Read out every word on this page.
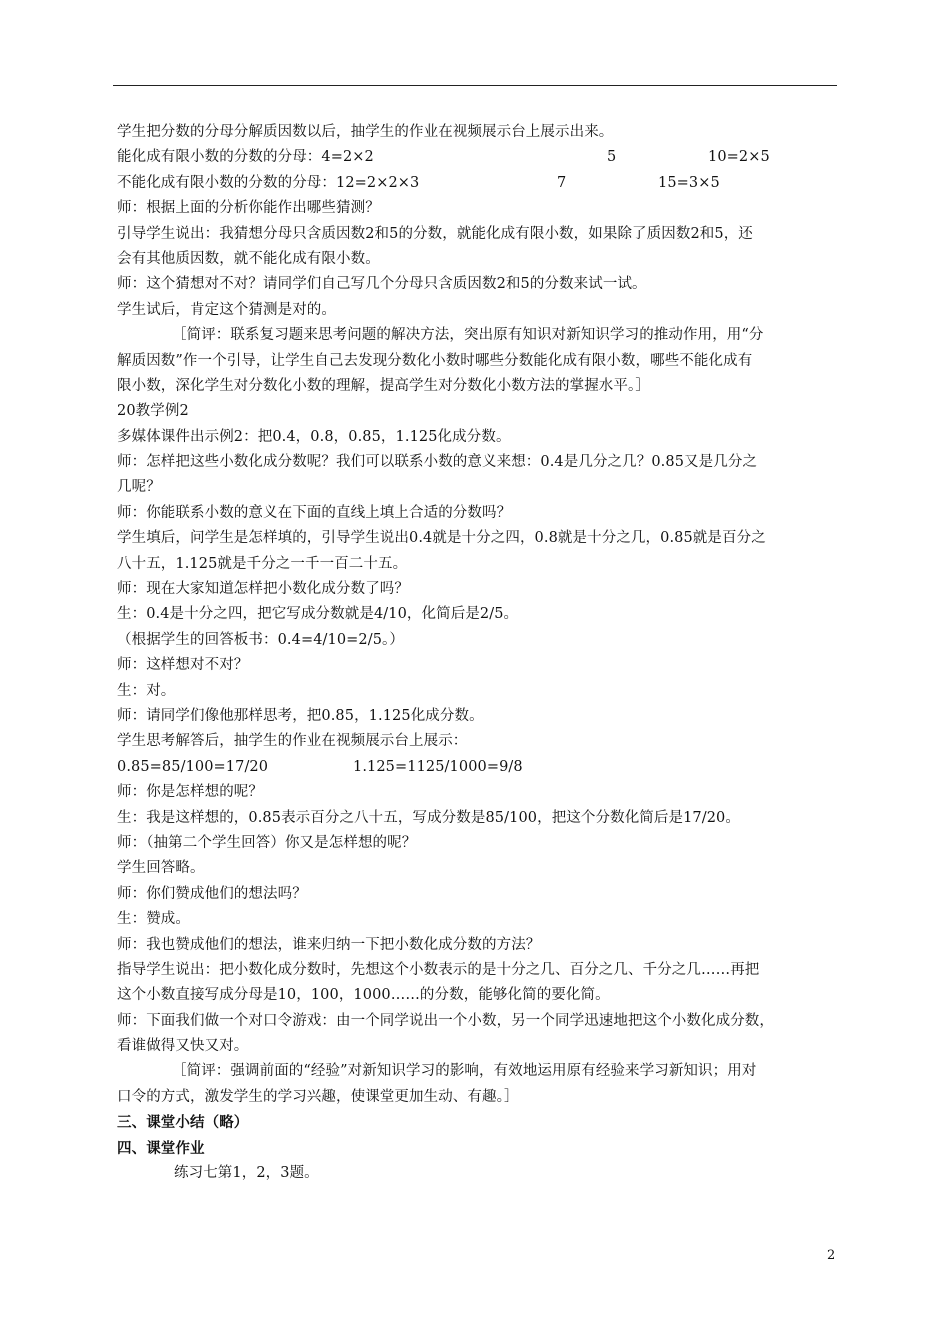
学生把分数的分母分解质因数以后，抽学生的作业在视频展示台上展示出来。
能化成有限小数的分数的分母：4=2×2	5	10=2×5
不能化成有限小数的分数的分母：12=2×2×3	7	15=3×5
师：根据上面的分析你能作出哪些猜测？
引导学生说出：我猜想分母只含质因数2和5的分数，就能化成有限小数，如果除了质因数2和5，还
会有其他质因数，就不能化成有限小数。
师：这个猜想对不对？请同学们自己写几个分母只含质因数2和5的分数来试一试。
学生试后，肯定这个猜测是对的。
［简评：联系复习题来思考问题的解决方法，突出原有知识对新知识学习的推动作用，用“分
解质因数”作一个引导，让学生自己去发现分数化小数时哪些分数能化成有限小数，哪些不能化成有
限小数，深化学生对分数化小数的理解，提高学生对分数化小数方法的掌握水平。］
20教学例2
多媒体课件出示例2：把0.4，0.8，0.85，1.125化成分数。
师：怎样把这些小数化成分数呢？我们可以联系小数的意义来想：0.4是几分之几？0.85又是几分之
几呢？
师：你能联系小数的意义在下面的直线上填上合适的分数吗？
学生填后，问学生是怎样填的，引导学生说出0.4就是十分之四，0.8就是十分之几，0.85就是百分之
八十五，1.125就是千分之一千一百二十五。
师：现在大家知道怎样把小数化成分数了吗？
生：0.4是十分之四，把它写成分数就是4/10，化简后是2/5。
（根据学生的回答板书：0.4=4/10=2/5。）
师：这样想对不对？
生：对。
师：请同学们像他那样思考，把0.85，1.125化成分数。
学生思考解答后，抽学生的作业在视频展示台上展示：
0.85=85/100=17/20	1.125=1125/1000=9/8
师：你是怎样想的呢？
生：我是这样想的，0.85表示百分之八十五，写成分数是85/100，把这个分数化简后是17/20。
师：（抽第二个学生回答）你又是怎样想的呢？
学生回答略。
师：你们赞成他们的想法吗？
生：赞成。
师：我也赞成他们的想法，谁来归纳一下把小数化成分数的方法？
指导学生说出：把小数化成分数时，先想这个小数表示的是十分之几、百分之几、千分之几……再把
这个小数直接写成分母是10，100，1000……的分数，能够化简的要化简。
师：下面我们做一个对口令游戏：由一个同学说出一个小数，另一个同学迅速地把这个小数化成分数，
看谁做得又快又对。
［简评：强调前面的“经验”对新知识学习的影响，有效地运用原有经验来学习新知识；用对
口令的方式，激发学生的学习兴趣，使课堂更加生动、有趣。］
三、课堂小结（略）
四、课堂作业
练习七第1，2，3题。
2
